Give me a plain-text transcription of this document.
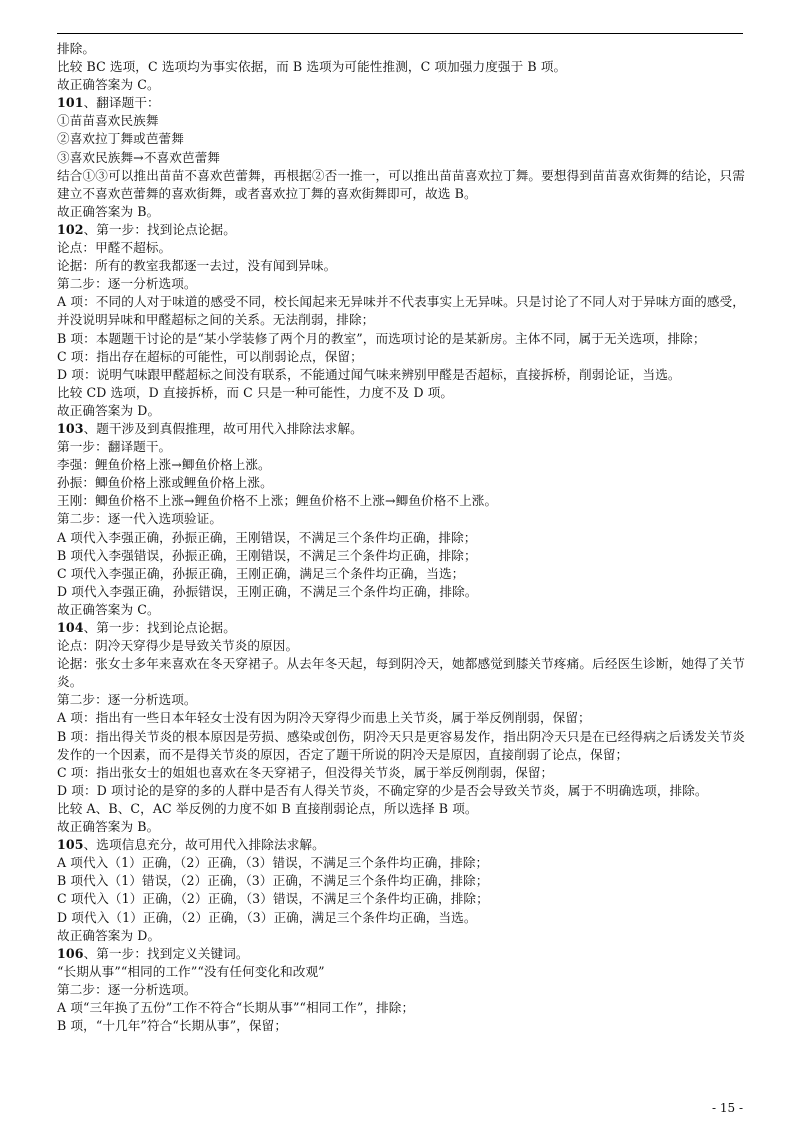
排除。

比较 BC 选项，C 选项均为事实依据，而 B 选项为可能性推测，C 项加强力度强于 B 项。

故正确答案为 C。

101、翻译题干：

①苗苗喜欢民族舞

②喜欢拉丁舞或芭蕾舞

③喜欢民族舞→不喜欢芭蕾舞

结合①③可以推出苗苗不喜欢芭蕾舞，再根据②否一推一，可以推出苗苗喜欢拉丁舞。要想得到苗苗喜欢街舞的结论，只需建立不喜欢芭蕾舞的喜欢街舞，或者喜欢拉丁舞的喜欢街舞即可，故选 B。

故正确答案为 B。

102、第一步：找到论点论据。

论点：甲醛不超标。

论据：所有的教室我都逐一去过，没有闻到异味。

第二步：逐一分析选项。

A 项：不同的人对于味道的感受不同，校长闻起来无异味并不代表事实上无异味。只是讨论了不同人对于异味方面的感受，并没说明异味和甲醛超标之间的关系。无法削弱，排除；

B 项：本题题干讨论的是“某小学装修了两个月的教室”，而选项讨论的是某新房。主体不同，属于无关选项，排除；

C 项：指出存在超标的可能性，可以削弱论点，保留；

D 项：说明气味跟甲醛超标之间没有联系，不能通过闻气味来辨别甲醛是否超标，直接拆桥，削弱论证，当选。

比较 CD 选项，D 直接拆桥，而 C 只是一种可能性，力度不及 D 项。

故正确答案为 D。

103、题干涉及到真假推理，故可用代入排除法求解。

第一步：翻译题干。

李强：鲤鱼价格上涨→鲫鱼价格上涨。

孙振：鲫鱼价格上涨或鲤鱼价格上涨。

王刚：鲫鱼价格不上涨→鲤鱼价格不上涨；鲤鱼价格不上涨→鲫鱼价格不上涨。

第二步：逐一代入选项验证。

A 项代入李强正确，孙振正确，王刚错误，不满足三个条件均正确，排除；

B 项代入李强错误，孙振正确，王刚错误，不满足三个条件均正确，排除；

C 项代入李强正确，孙振正确，王刚正确，满足三个条件均正确，当选；

D 项代入李强正确，孙振错误，王刚正确，不满足三个条件均正确，排除。

故正确答案为 C。

104、第一步：找到论点论据。

论点：阴冷天穿得少是导致关节炎的原因。

论据：张女士多年来喜欢在冬天穿裙子。从去年冬天起，每到阴冷天，她都感觉到膝关节疼痛。后经医生诊断，她得了关节炎。

第二步：逐一分析选项。

A 项：指出有一些日本年轻女士没有因为阴冷天穿得少而患上关节炎，属于举反例削弱，保留；

B 项：指出得关节炎的根本原因是劳损、感染或创伤，阴冷天只是更容易发作，指出阴冷天只是在已经得病之后诱发关节炎发作的一个因素，而不是得关节炎的原因，否定了题干所说的阴冷天是原因，直接削弱了论点，保留；

C 项：指出张女士的姐姐也喜欢在冬天穿裙子，但没得关节炎，属于举反例削弱，保留；

D 项：D 项讨论的是穿的多的人群中是否有人得关节炎，不确定穿的少是否会导致关节炎，属于不明确选项，排除。

比较 A、B、C，AC 举反例的力度不如 B 直接削弱论点，所以选择 B 项。

故正确答案为 B。

105、选项信息充分，故可用代入排除法求解。

A 项代入（1）正确，（2）正确，（3）错误，不满足三个条件均正确，排除；

B 项代入（1）错误，（2）正确，（3）正确，不满足三个条件均正确，排除；

C 项代入（1）正确，（2）正确，（3）错误，不满足三个条件均正确，排除；

D 项代入（1）正确，（2）正确，（3）正确，满足三个条件均正确，当选。

故正确答案为 D。

106、第一步：找到定义关键词。

“长期从事”“相同的工作”“没有任何变化和改观”

第二步：逐一分析选项。

A 项“三年换了五份”工作不符合“长期从事”“相同工作”，排除；

B 项，“十几年”符合“长期从事”，保留；

- 15 -
